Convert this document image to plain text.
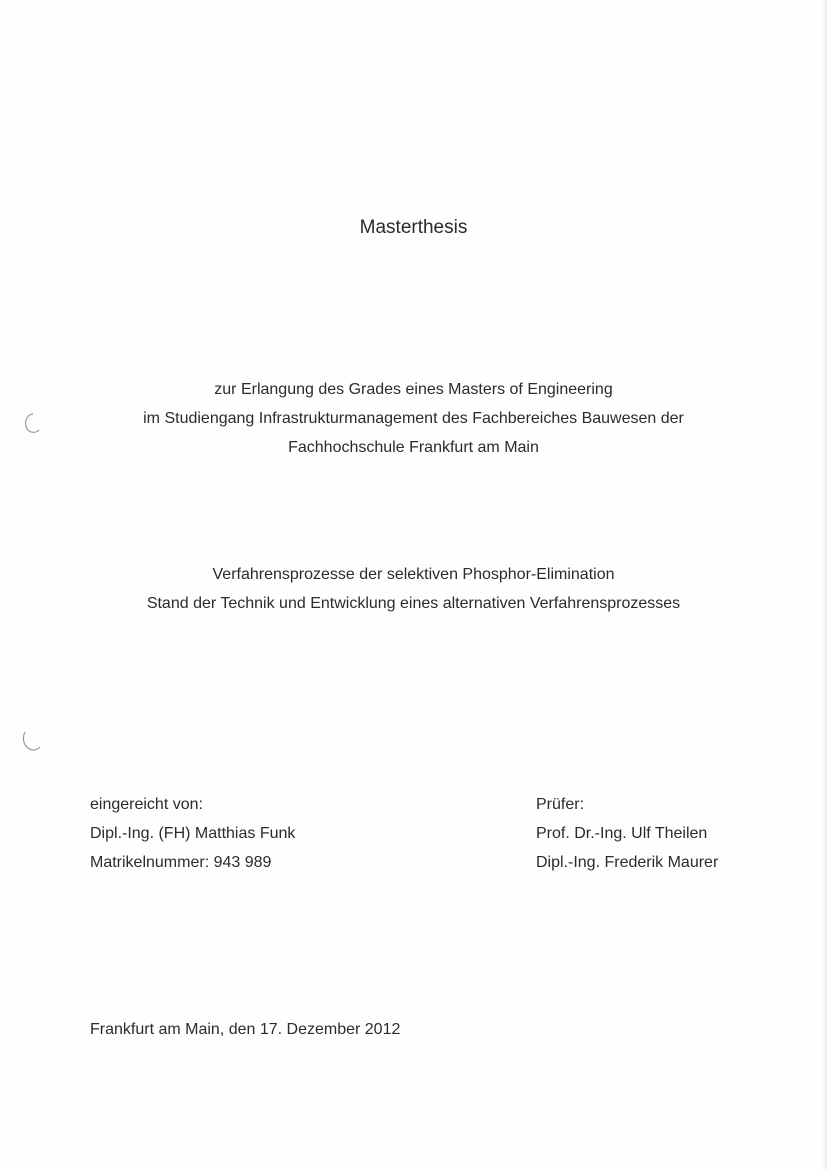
Masterthesis
zur Erlangung des Grades eines Masters of Engineering
im Studiengang Infrastrukturmanagement des Fachbereiches Bauwesen der
Fachhochschule Frankfurt am Main
Verfahrensprozesse der selektiven Phosphor-Elimination
Stand der Technik und Entwicklung eines alternativen Verfahrensprozesses
eingereicht von:
Dipl.-Ing. (FH) Matthias Funk
Matrikelnummer: 943 989
Prüfer:
Prof. Dr.-Ing. Ulf Theilen
Dipl.-Ing. Frederik Maurer
Frankfurt am Main, den 17. Dezember 2012
